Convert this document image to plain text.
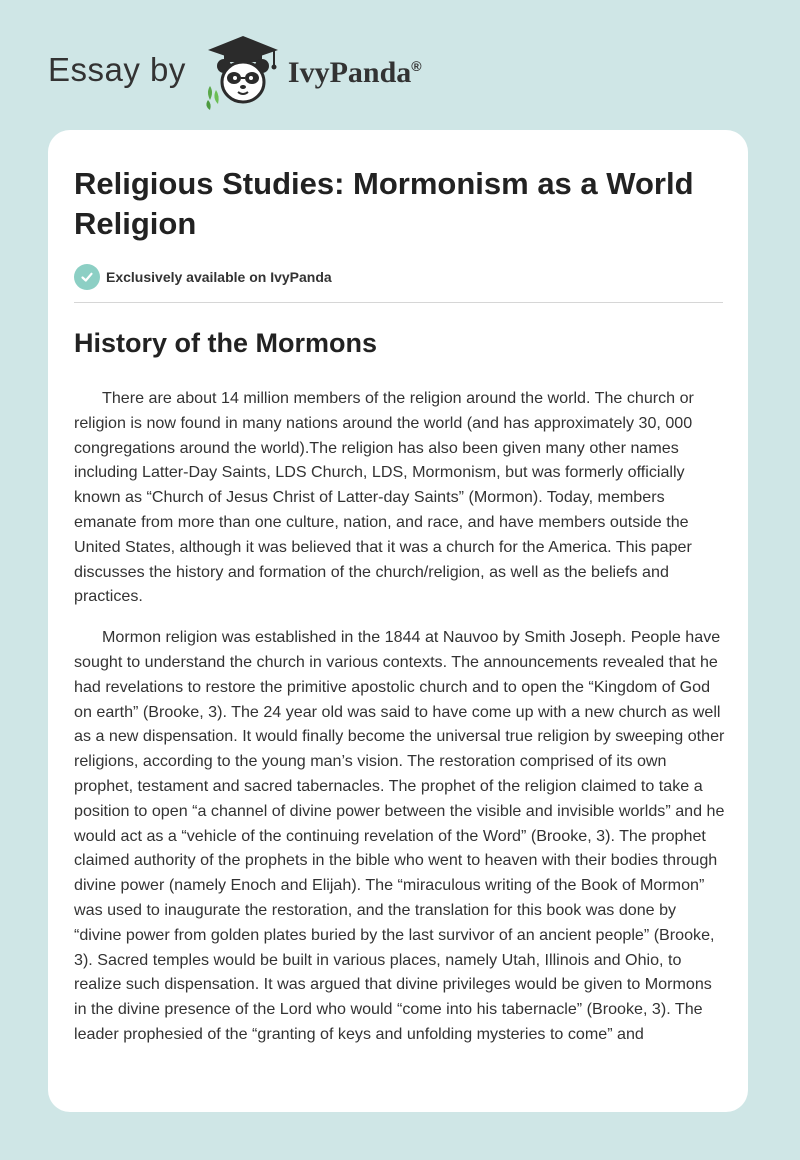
Essay by	IvyPanda®
Religious Studies: Mormonism as a World Religion
Exclusively available on IvyPanda
History of the Mormons

There are about 14 million members of the religion around the world. The church or religion is now found in many nations around the world (and has approximately 30, 000 congregations around the world).The religion has also been given many other names including Latter-Day Saints, LDS Church, LDS, Mormonism, but was formerly officially known as “Church of Jesus Christ of Latter-day Saints” (Mormon). Today, members emanate from more than one culture, nation, and race, and have members outside the United States, although it was believed that it was a church for the America. This paper discusses the history and formation of the church/religion, as well as the beliefs and practices.

Mormon religion was established in the 1844 at Nauvoo by Smith Joseph. People have sought to understand the church in various contexts. The announcements revealed that he had revelations to restore the primitive apostolic church and to open the “Kingdom of God on earth” (Brooke, 3). The 24 year old was said to have come up with a new church as well as a new dispensation. It would finally become the universal true religion by sweeping other religions, according to the young man’s vision. The restoration comprised of its own prophet, testament and sacred tabernacles. The prophet of the religion claimed to take a position to open “a channel of divine power between the visible and invisible worlds” and he would act as a “vehicle of the continuing revelation of the Word” (Brooke, 3). The prophet claimed authority of the prophets in the bible who went to heaven with their bodies through divine power (namely Enoch and Elijah). The “miraculous writing of the Book of Mormon” was used to inaugurate the restoration, and the translation for this book was done by “divine power from golden plates buried by the last survivor of an ancient people” (Brooke, 3). Sacred temples would be built in various places, namely Utah, Illinois and Ohio, to realize such dispensation. It was argued that divine privileges would be given to Mormons in the divine presence of the Lord who would “come into his tabernacle” (Brooke, 3). The leader prophesied of the “granting of keys and unfolding mysteries to come” and
